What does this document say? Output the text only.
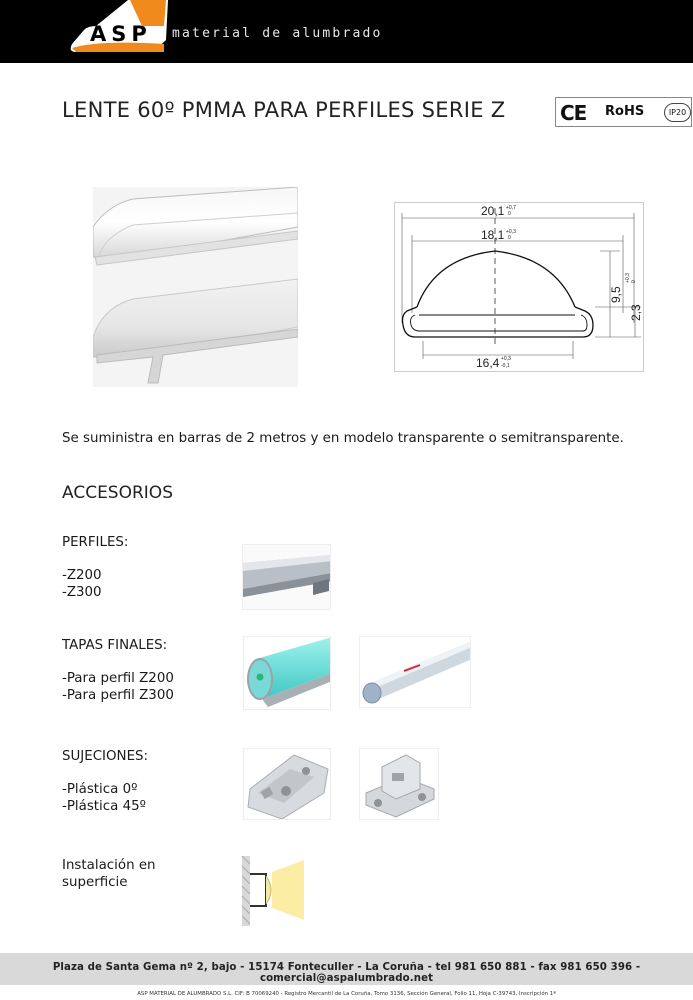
ASP material de alumbrado
LENTE 60º PMMA PARA PERFILES SERIE Z	CE RoHS	IP20
20,1 +0,7
0
18,1 +0,3
0
16,4 +0,3
-0,1
9,5
2,3
+0,3 0
Se suministra en barras de 2 metros y en modelo transparente o semitransparente.
ACCESORIOS
PERFILES:
-Z200
-Z300
TAPAS FINALES:
-Para perfil Z200
-Para perfil Z300
SUJECIONES:
-Plástica 0º
-Plástica 45º
Instalación en
superficie
Plaza de Santa Gema nº 2, bajo - 15174 Fonteculler - La Coruña - tel 981 650 881 - fax 981 650 396 - comercial@aspalumbrado.net
ASP MATERIAL DE ALUMBRADO S.L. CIF: B 70069240 - Registro Mercantil de La Coruña, Tomo 3136, Sección General, Folio 11, Hoja C-39743, Inscripción 1ª
